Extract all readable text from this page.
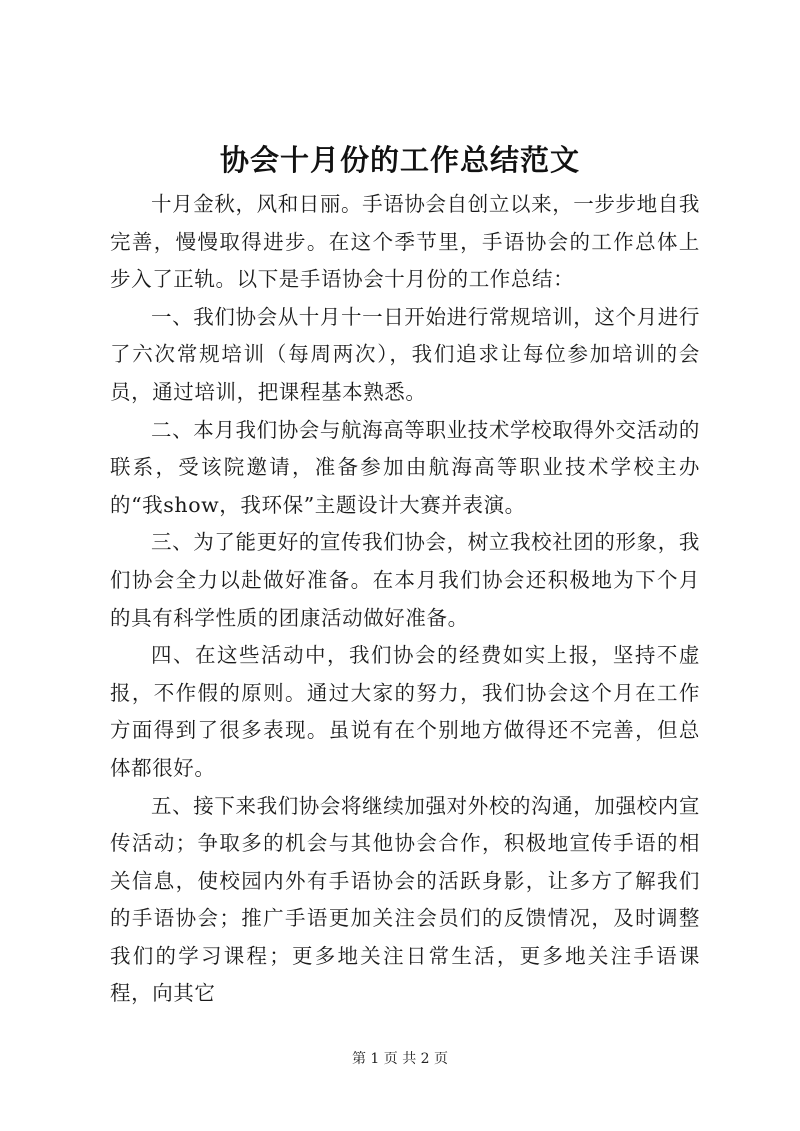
协会十月份的工作总结范文

十月金秋，风和日丽。手语协会自创立以来，一步步地自我完善，慢慢取得进步。在这个季节里，手语协会的工作总体上步入了正轨。以下是手语协会十月份的工作总结：

一、我们协会从十月十一日开始进行常规培训，这个月进行了六次常规培训（每周两次），我们追求让每位参加培训的会员，通过培训，把课程基本熟悉。

二、本月我们协会与航海高等职业技术学校取得外交活动的联系，受该院邀请，准备参加由航海高等职业技术学校主办的“我show，我环保”主题设计大赛并表演。

三、为了能更好的宣传我们协会，树立我校社团的形象，我们协会全力以赴做好准备。在本月我们协会还积极地为下个月的具有科学性质的团康活动做好准备。

四、在这些活动中，我们协会的经费如实上报，坚持不虚报，不作假的原则。通过大家的努力，我们协会这个月在工作方面得到了很多表现。虽说有在个别地方做得还不完善，但总体都很好。

五、接下来我们协会将继续加强对外校的沟通，加强校内宣传活动；争取多的机会与其他协会合作，积极地宣传手语的相关信息，使校园内外有手语协会的活跃身影，让多方了解我们的手语协会；推广手语更加关注会员们的反馈情况，及时调整我们的学习课程；更多地关注日常生活，更多地关注手语课程，向其它

第 1 页 共 2 页
